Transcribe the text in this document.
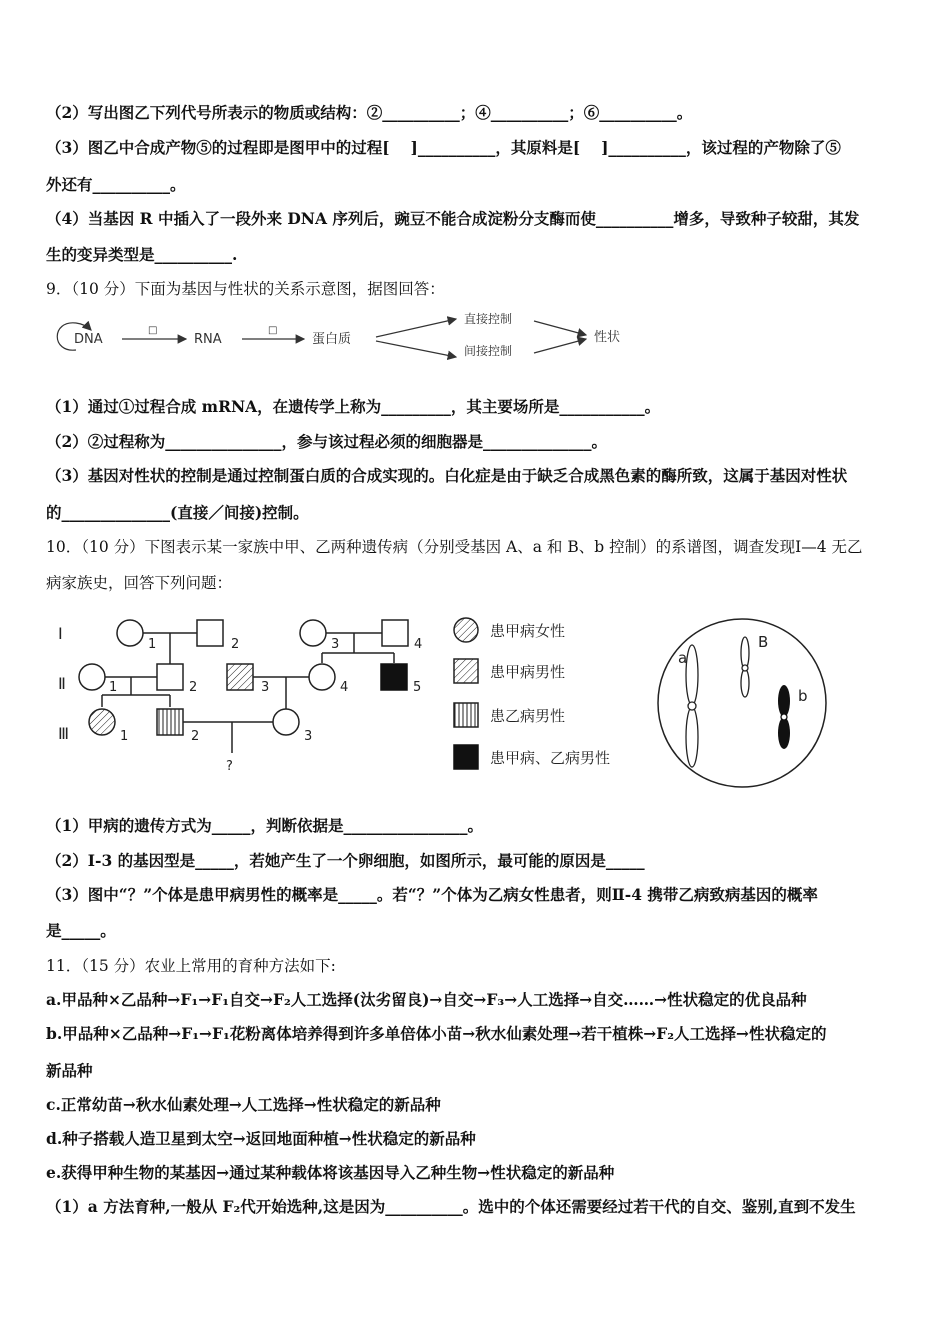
（2）写出图乙下列代号所表示的物质或结构：②__________；④__________；⑥__________。
（3）图乙中合成产物⑤的过程即是图甲中的过程[　 ]__________，其原料是[　 ]__________，该过程的产物除了⑤
外还有__________。
（4）当基因 R 中插入了一段外来 DNA 序列后，豌豆不能合成淀粉分支酶而使__________增多，导致种子较甜，其发
生的变异类型是__________.
9．（10 分）下面为基因与性状的关系示意图，据图回答：
DNA
□
RNA
□
蛋白质
直接控制
间接控制
性状
（1）通过①过程合成 mRNA，在遗传学上称为_________，其主要场所是___________。
（2）②过程称为_______________，参与该过程必须的细胞器是______________。
（3）基因对性状的控制是通过控制蛋白质的合成实现的。白化症是由于缺乏合成黑色素的酶所致，这属于基因对性状
的______________(直接／间接)控制。
10．（10 分）下图表示某一家族中甲、乙两种遗传病（分别受基因 A、a 和 B、b 控制）的系谱图，调查发现Ⅰ—4 无乙
病家族史，回答下列问题：
Ⅰ
Ⅱ
Ⅲ
1	2	3	4
1	2	3	4	5
1	2	3
?
患甲病女性
患甲病男性
患乙病男性
患甲病、乙病男性
a
B
b
（1）甲病的遗传方式为_____，判断依据是________________。
（2）Ⅰ-3 的基因型是_____，若她产生了一个卵细胞，如图所示，最可能的原因是_____
（3）图中“？”个体是患甲病男性的概率是_____。若“？”个体为乙病女性患者，则Ⅱ-4 携带乙病致病基因的概率
是_____。
11．（15 分）农业上常用的育种方法如下:
a.甲品种×乙品种→F₁→F₁自交→F₂人工选择(汰劣留良)→自交→F₃→人工选择→自交……→性状稳定的优良品种
b.甲品种×乙品种→F₁→F₁花粉离体培养得到许多单倍体小苗→秋水仙素处理→若干植株→F₂人工选择→性状稳定的
新品种
c.正常幼苗→秋水仙素处理→人工选择→性状稳定的新品种
d.种子搭载人造卫星到太空→返回地面种植→性状稳定的新品种
e.获得甲种生物的某基因→通过某种载体将该基因导入乙种生物→性状稳定的新品种
（1）a 方法育种,一般从 F₂代开始选种,这是因为__________。选中的个体还需要经过若干代的自交、鉴别,直到不发生
